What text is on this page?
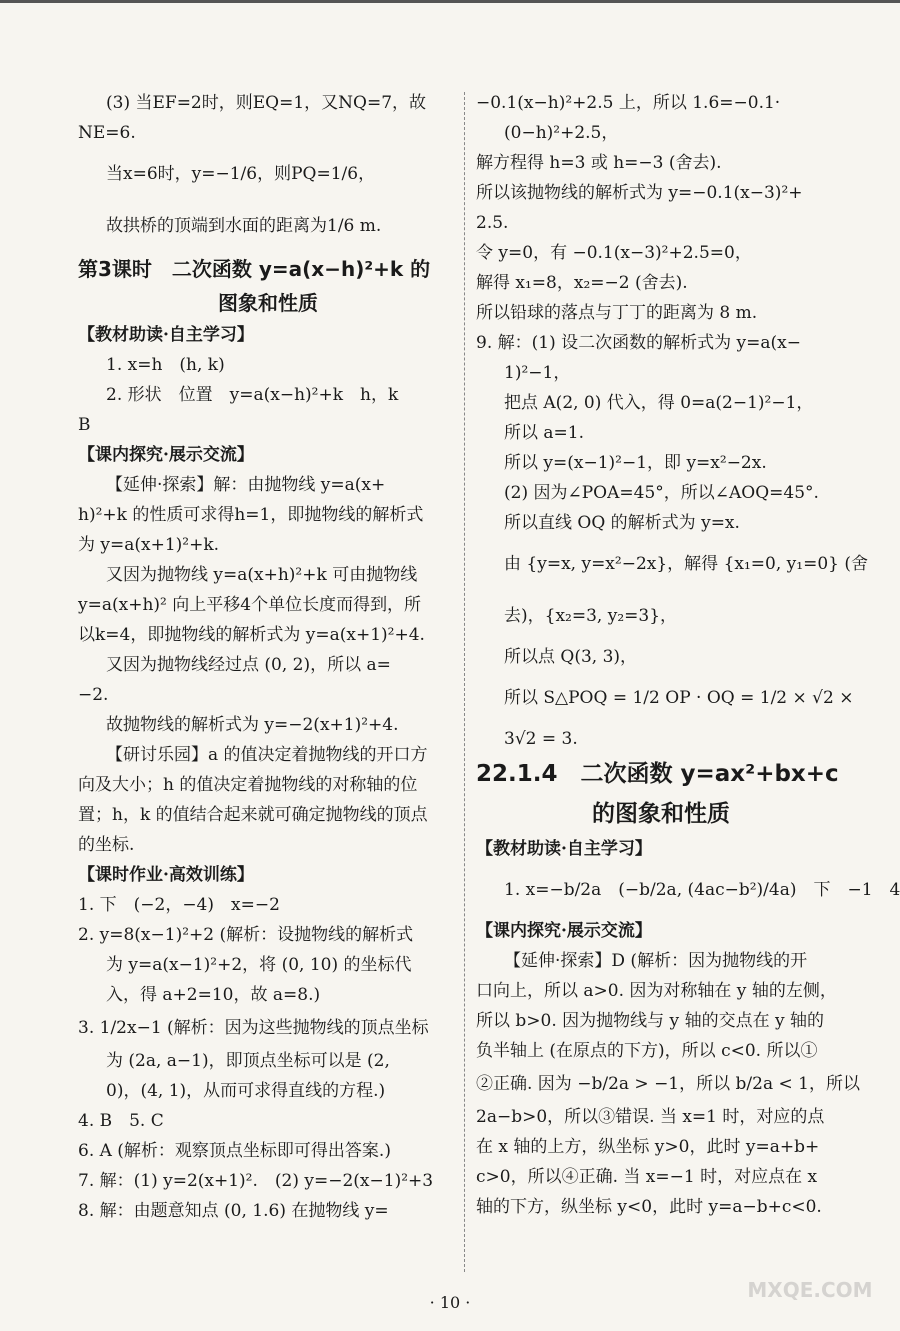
(3) 当EF=2时，则EQ=1，又NQ=7，故
NE=6.
当x=6时，y=−1/6，则PQ=1/6，
故拱桥的顶端到水面的距离为1/6 m.
第3课时　二次函数 y=a(x−h)²+k 的
图象和性质
【教材助读·自主学习】
1. x=h　(h, k)
2. 形状　位置　y=a(x−h)²+k　h，k
B
【课内探究·展示交流】
【延伸·探索】解：由抛物线 y=a(x+
h)²+k 的性质可求得h=1，即抛物线的解析式
为 y=a(x+1)²+k.
又因为抛物线 y=a(x+h)²+k 可由抛物线
y=a(x+h)² 向上平移4个单位长度而得到，所
以k=4，即抛物线的解析式为 y=a(x+1)²+4.
又因为抛物线经过点 (0, 2)，所以 a=
−2.
故抛物线的解析式为 y=−2(x+1)²+4.
【研讨乐园】a 的值决定着抛物线的开口方
向及大小；h 的值决定着抛物线的对称轴的位
置；h，k 的值结合起来就可确定抛物线的顶点
的坐标.
【课时作业·高效训练】
1. 下　(−2，−4)　x=−2
2. y=8(x−1)²+2 (解析：设抛物线的解析式
为 y=a(x−1)²+2，将 (0, 10) 的坐标代
入，得 a+2=10，故 a=8.)
3. 1/2x−1 (解析：因为这些抛物线的顶点坐标
为 (2a, a−1)，即顶点坐标可以是 (2,
0)，(4, 1)，从而可求得直线的方程.)
4. B　5. C
6. A (解析：观察顶点坐标即可得出答案.)
7. 解：(1) y=2(x+1)².　(2) y=−2(x−1)²+3
8. 解：由题意知点 (0, 1.6) 在抛物线 y=
−0.1(x−h)²+2.5 上，所以 1.6=−0.1·
(0−h)²+2.5，
解方程得 h=3 或 h=−3 (舍去).
所以该抛物线的解析式为 y=−0.1(x−3)²+
2.5.
令 y=0，有 −0.1(x−3)²+2.5=0，
解得 x₁=8，x₂=−2 (舍去).
所以铅球的落点与丁丁的距离为 8 m.
9. 解：(1) 设二次函数的解析式为 y=a(x−
1)²−1，
把点 A(2, 0) 代入，得 0=a(2−1)²−1，
所以 a=1.
所以 y=(x−1)²−1，即 y=x²−2x.
(2) 因为∠POA=45°，所以∠AOQ=45°.
所以直线 OQ 的解析式为 y=x.
由 {y=x, y=x²−2x}，解得 {x₁=0, y₁=0} (舍
去)，{x₂=3, y₂=3}，
所以点 Q(3, 3)，
所以 S△POQ = 1/2 OP · OQ = 1/2 × √2 ×
3√2 = 3.
22.1.4　二次函数 y=ax²+bx+c
的图象和性质
【教材助读·自主学习】
1. x=−b/2a　(−b/2a, (4ac−b²)/4a)　下　−1　4
【课内探究·展示交流】
【延伸·探索】D (解析：因为抛物线的开
口向上，所以 a>0. 因为对称轴在 y 轴的左侧，
所以 b>0. 因为抛物线与 y 轴的交点在 y 轴的
负半轴上 (在原点的下方)，所以 c<0. 所以①
②正确. 因为 −b/2a > −1，所以 b/2a < 1，所以
2a−b>0，所以③错误. 当 x=1 时，对应的点
在 x 轴的上方，纵坐标 y>0，此时 y=a+b+
c>0，所以④正确. 当 x=−1 时，对应点在 x
轴的下方，纵坐标 y<0，此时 y=a−b+c<0.
· 10 ·
MXQE.COM
